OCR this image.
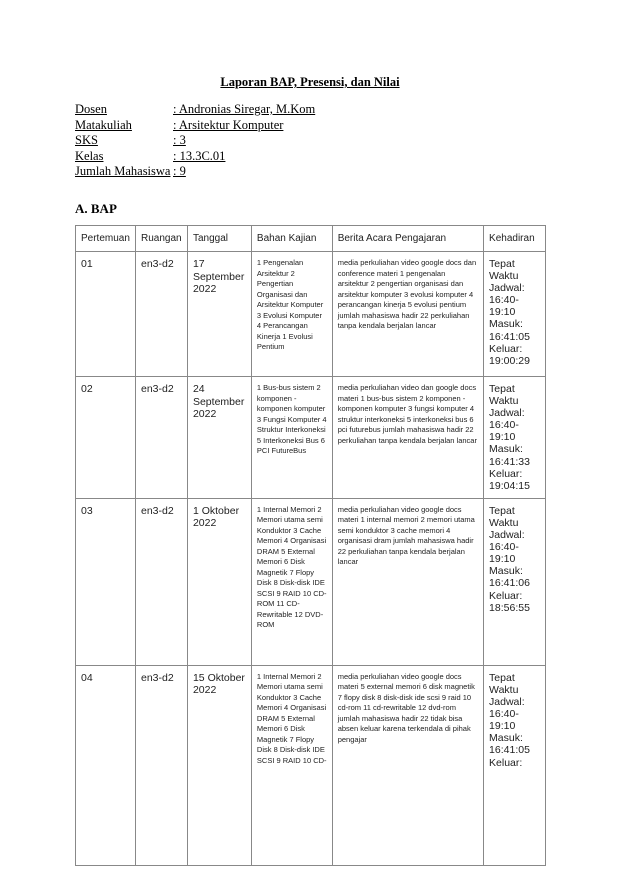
Laporan BAP, Presensi, dan Nilai
Dosen	: Andronias Siregar, M.Kom
Matakuliah	: Arsitektur Komputer
SKS	: 3
Kelas	: 13.3C.01
Jumlah Mahasiswa : 9
A. BAP
Pertemuan	Ruangan	Tanggal	Bahan Kajian	Berita Acara Pengajaran	Kehadiran
01	en3-d2	17 September 2022	1 Pengenalan Arsitektur 2 Pengertian Organisasi dan Arsitektur Komputer 3 Evolusi Komputer 4 Perancangan Kinerja 1 Evolusi Pentium	media perkuliahan video google docs dan conference materi 1 pengenalan arsitektur 2 pengertian organisasi dan arsitektur komputer 3 evolusi komputer 4 perancangan kinerja 5 evolusi pentium jumlah mahasiswa hadir 22 perkuliahan tanpa kendala berjalan lancar	Tepat Waktu Jadwal: 16:40- 19:10 Masuk: 16:41:05 Keluar: 19:00:29
02	en3-d2	24 September 2022	1 Bus-bus sistem 2 komponen - komponen komputer 3 Fungsi Komputer 4 Struktur Interkoneksi 5 Interkoneksi Bus 6 PCI FutureBus	media perkuliahan video dan google docs materi 1 bus-bus sistem 2 komponen - komponen komputer 3 fungsi komputer 4 struktur interkoneksi 5 interkoneksi bus 6 pci futurebus jumlah mahasiswa hadir 22 perkuliahan tanpa kendala berjalan lancar	Tepat Waktu Jadwal: 16:40- 19:10 Masuk: 16:41:33 Keluar: 19:04:15
03	en3-d2	1 Oktober 2022	1 Internal Memori 2 Memori utama semi Konduktor 3 Cache Memori 4 Organisasi DRAM 5 External Memori 6 Disk Magnetik 7 Flopy Disk 8 Disk-disk IDE SCSI 9 RAID 10 CD-ROM 11 CD-Rewritable 12 DVD-ROM	media perkuliahan video google docs materi 1 internal memori 2 memori utama semi konduktor 3 cache memori 4 organisasi dram jumlah mahasiswa hadir 22 perkuliahan tanpa kendala berjalan lancar	Tepat Waktu Jadwal: 16:40- 19:10 Masuk: 16:41:06 Keluar: 18:56:55
04	en3-d2	15 Oktober 2022	1 Internal Memori 2 Memori utama semi Konduktor 3 Cache Memori 4 Organisasi DRAM 5 External Memori 6 Disk Magnetik 7 Flopy Disk 8 Disk-disk IDE SCSI 9 RAID 10 CD-	media perkuliahan video google docs materi 5 external memori 6 disk magnetik 7 flopy disk 8 disk-disk ide scsi 9 raid 10 cd-rom 11 cd-rewritable 12 dvd-rom jumlah mahasiswa hadir 22 tidak bisa absen keluar karena terkendala di pihak pengajar	Tepat Waktu Jadwal: 16:40- 19:10 Masuk: 16:41:05 Keluar:
